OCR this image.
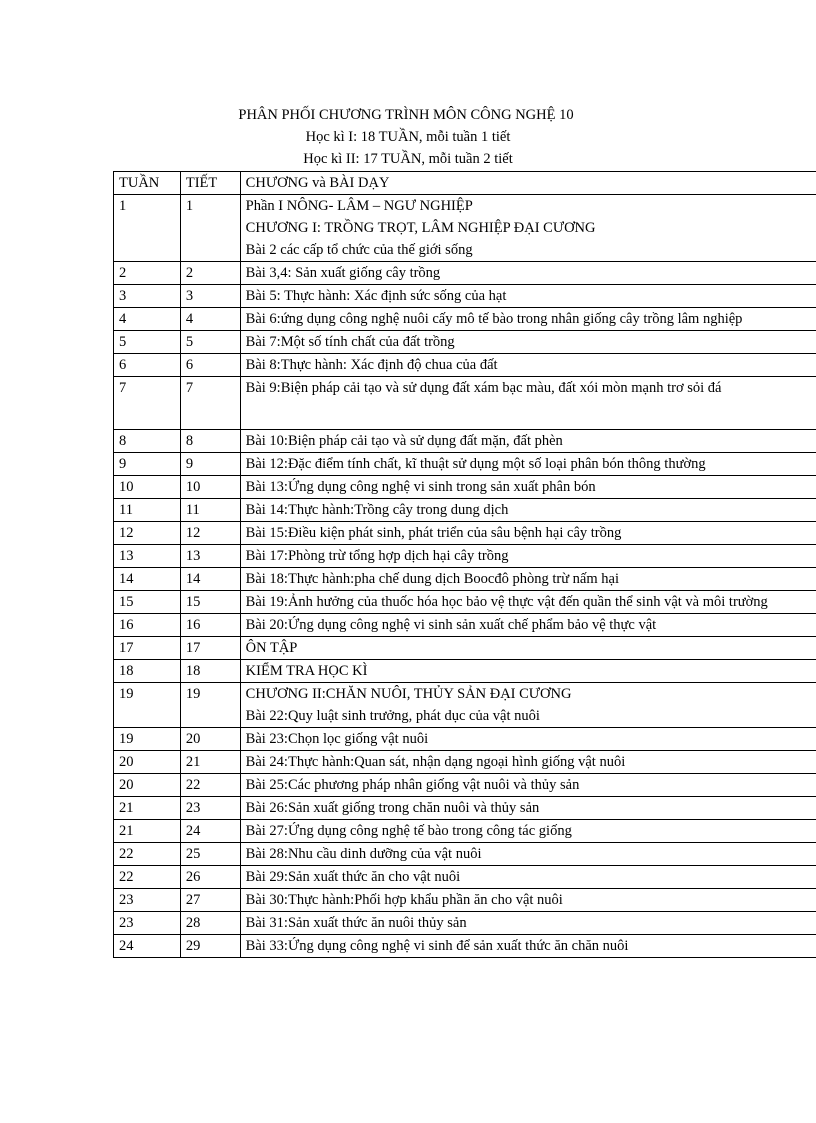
PHÂN PHỐI CHƯƠNG TRÌNH MÔN CÔNG NGHỆ 10
Học kì I: 18 TUẦN, mỗi tuần 1 tiết
Học kì II: 17 TUẦN, mỗi tuần 2 tiết
TUẦN	TIẾT	CHƯƠNG và BÀI DẠY
1	1	Phần I NÔNG- LÂM – NGƯ NGHIỆP
CHƯƠNG I: TRỒNG TRỌT, LÂM NGHIỆP ĐẠI CƯƠNG
Bài 2 các cấp tổ chức của thế giới sống

2	2	Bài 3,4: Sản xuất giống cây trồng

3	3	Bài 5: Thực hành: Xác định sức sống của hạt

4	4	Bài 6:ứng dụng công nghệ nuôi cấy mô tế bào trong nhân giống cây trồng lâm nghiệp

5	5	Bài 7:Một số tính chất của đất trồng

6	6	Bài 8:Thực hành: Xác định độ chua của đất

7	7	Bài 9:Biện pháp cải tạo và sử dụng đất xám bạc màu, đất xói mòn mạnh trơ sỏi đá

8	8	Bài 10:Biện pháp cải tạo và sử dụng đất mặn, đất phèn

9	9	Bài 12:Đặc điểm tính chất, kĩ thuật sử dụng một số loại phân bón thông thường

10	10	Bài 13:Ứng dụng công nghệ vi sinh trong sản xuất phân bón

11	11	Bài 14:Thực hành:Trồng cây trong dung dịch

12	12	Bài 15:Điều kiện phát sinh, phát triển của sâu bệnh hại cây trồng

13	13	Bài 17:Phòng trừ tổng hợp dịch hại cây trồng

14	14	Bài 18:Thực hành:pha chế dung dịch Boocđô phòng trừ nấm hại

15	15	Bài 19:Ảnh hưởng của thuốc hóa học bảo vệ thực vật đến quần thể sinh vật và môi trường

16	16	Bài 20:Ứng dụng công nghệ vi sinh sản xuất chế phẩm bảo vệ thực vật

17	17	ÔN TẬP

18	18	KIỂM TRA HỌC KÌ

19	19	CHƯƠNG II:CHĂN NUÔI, THỦY SẢN ĐẠI CƯƠNG
Bài 22:Quy luật sinh trưởng, phát dục của vật nuôi

19	20	Bài 23:Chọn lọc giống vật nuôi

20	21	Bài 24:Thực hành:Quan sát, nhận dạng ngoại hình giống vật nuôi

20	22	Bài 25:Các phương pháp nhân giống vật nuôi và thủy sản

21	23	Bài 26:Sản xuất giống trong chăn nuôi và thủy sản

21	24	Bài 27:Ứng dụng công nghệ tế bào trong công tác giống

22	25	Bài 28:Nhu cầu dinh dưỡng của vật nuôi

22	26	Bài 29:Sản xuất thức ăn cho vật nuôi

23	27	Bài 30:Thực hành:Phối hợp khẩu phần ăn cho vật nuôi

23	28	Bài 31:Sản xuất thức ăn nuôi thủy sản

24	29	Bài 33:Ứng dụng công nghệ vi sinh để sản xuất thức ăn chăn nuôi
